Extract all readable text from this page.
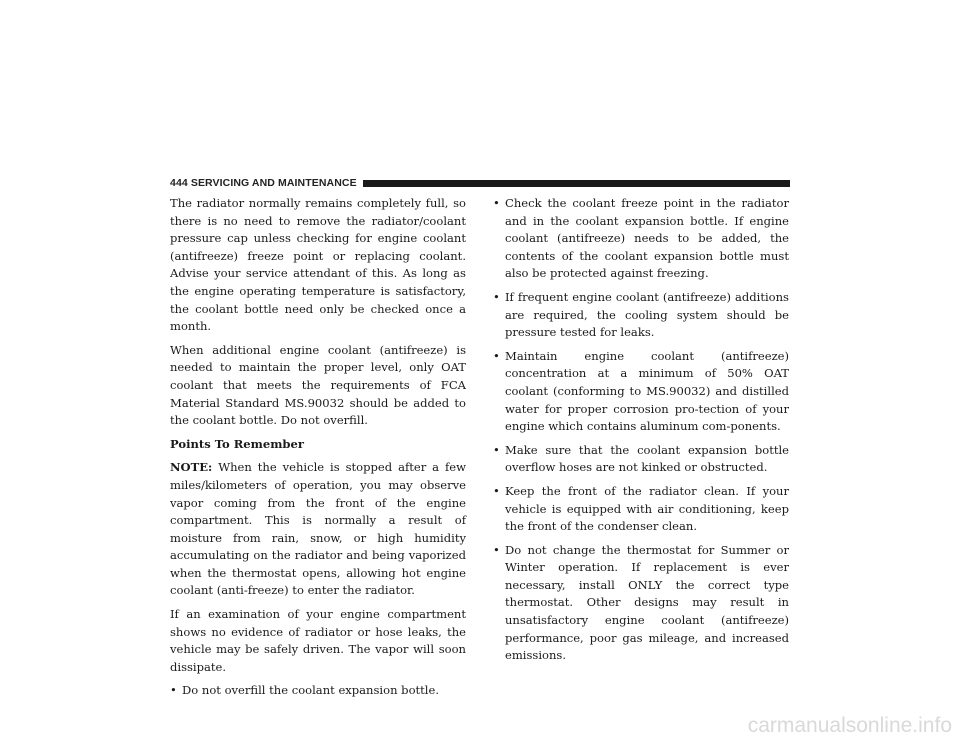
444 SERVICING AND MAINTENANCE

The radiator normally remains completely full, so there is no need to remove the radiator/coolant pressure cap unless checking for engine coolant (antifreeze) freeze point or replacing coolant. Advise your service attendant of this. As long as the engine operating temperature is satisfactory, the coolant bottle need only be checked once a month.

When additional engine coolant (antifreeze) is needed to maintain the proper level, only OAT coolant that meets the requirements of FCA Material Standard MS.90032 should be added to the coolant bottle. Do not overfill.

Points To Remember

NOTE: When the vehicle is stopped after a few miles/kilometers of operation, you may observe vapor coming from the front of the engine compartment. This is normally a result of moisture from rain, snow, or high humidity accumulating on the radiator and being vaporized when the thermostat opens, allowing hot engine coolant (anti-freeze) to enter the radiator.

If an examination of your engine compartment shows no evidence of radiator or hose leaks, the vehicle may be safely driven. The vapor will soon dissipate.

• Do not overfill the coolant expansion bottle.
• Check the coolant freeze point in the radiator and in the coolant expansion bottle. If engine coolant (antifreeze) needs to be added, the contents of the coolant expansion bottle must also be protected against freezing.
• If frequent engine coolant (antifreeze) additions are required, the cooling system should be pressure tested for leaks.
• Maintain engine coolant (antifreeze) concentration at a minimum of 50% OAT coolant (conforming to MS.90032) and distilled water for proper corrosion pro-tection of your engine which contains aluminum com-ponents.
• Make sure that the coolant expansion bottle overflow hoses are not kinked or obstructed.
• Keep the front of the radiator clean. If your vehicle is equipped with air conditioning, keep the front of the condenser clean.
• Do not change the thermostat for Summer or Winter operation. If replacement is ever necessary, install ONLY the correct type thermostat. Other designs may result in unsatisfactory engine coolant (antifreeze) performance, poor gas mileage, and increased emissions.
carmanualsonline.info
